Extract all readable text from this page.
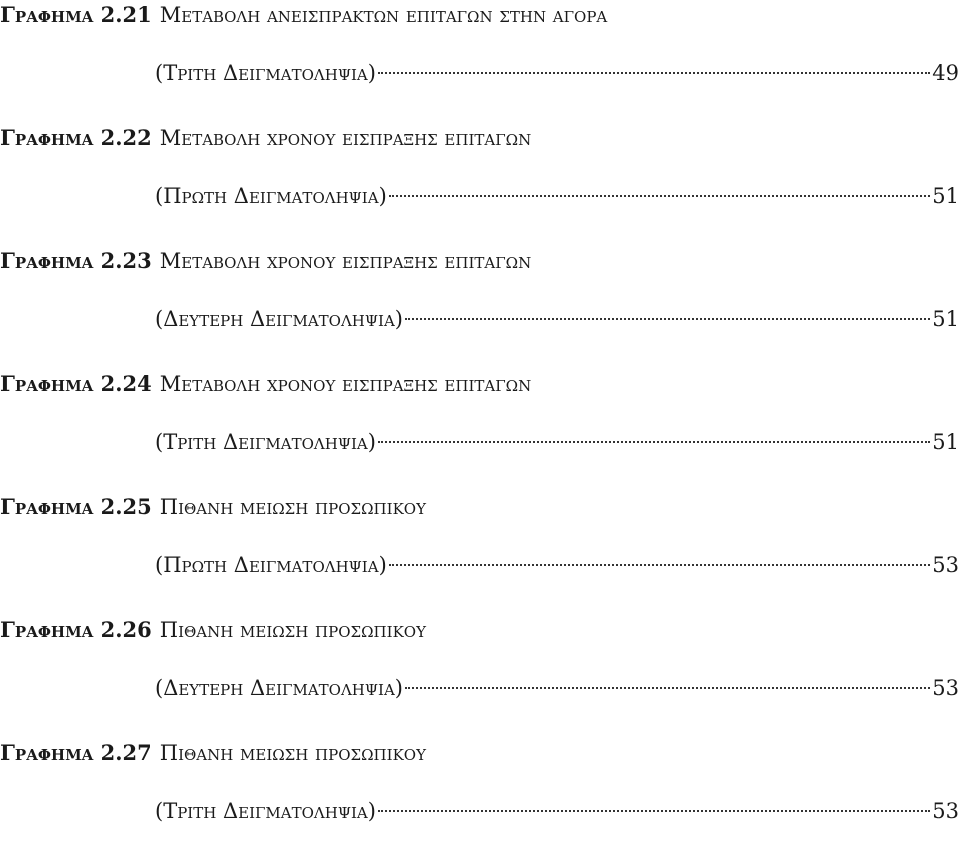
Γραφημα 2.21 Μεταβολη ανεισπρακτων επιταγων στην αγορα
(Τριτη Δειγματοληψια)	49
Γραφημα 2.22 Μεταβολη χρονου εισπραξης επιταγων
(Πρωτη Δειγματοληψια)	51
Γραφημα 2.23 Μεταβολη χρονου εισπραξης επιταγων
(Δευτερη Δειγματοληψια)	51
Γραφημα 2.24 Μεταβολη χρονου εισπραξης επιταγων
(Τριτη Δειγματοληψια)	51
Γραφημα 2.25 Πιθανη μειωση προσωπικου
(Πρωτη Δειγματοληψια)	53
Γραφημα 2.26 Πιθανη μειωση προσωπικου
(Δευτερη Δειγματοληψια)	53
Γραφημα 2.27 Πιθανη μειωση προσωπικου
(Τριτη Δειγματοληψια)	53
